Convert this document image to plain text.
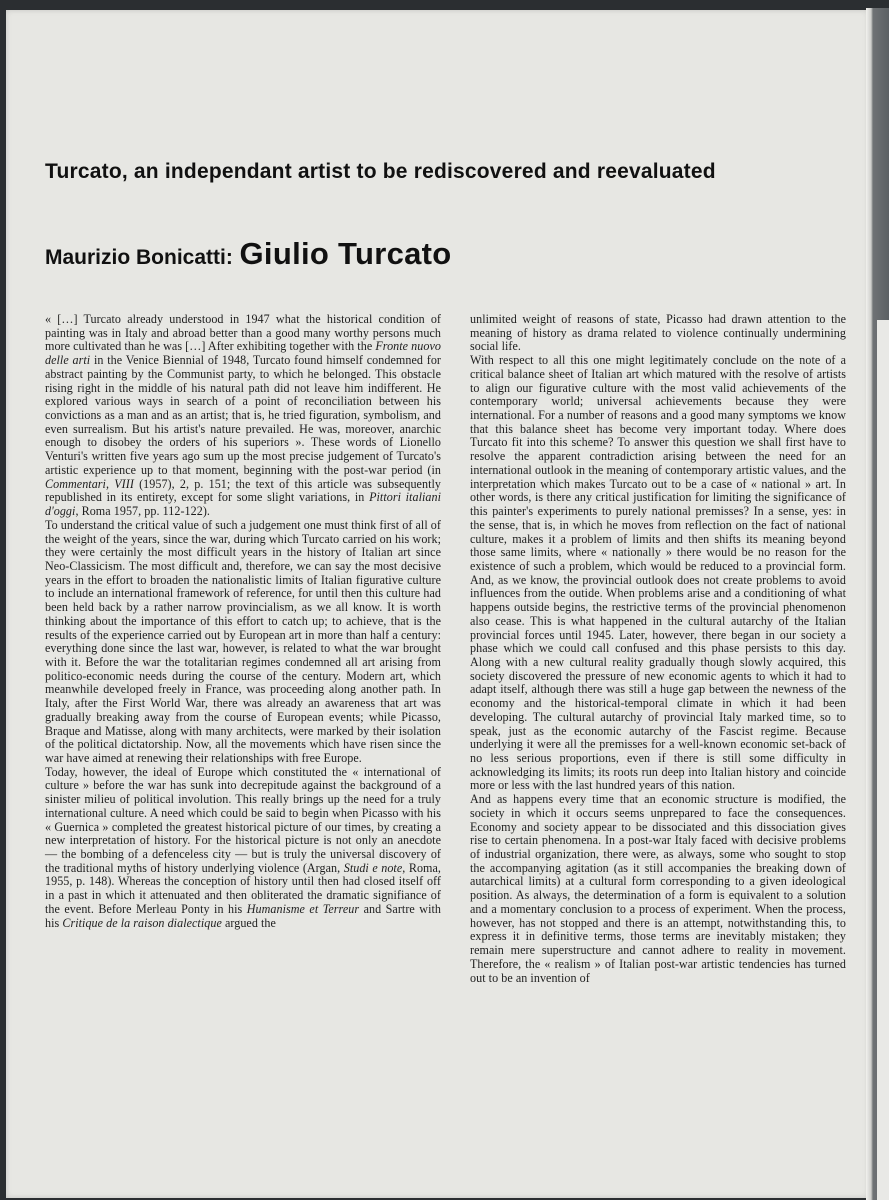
Turcato, an independant artist to be rediscovered and reevaluated
Maurizio Bonicatti: Giulio Turcato

« […] Turcato already understood in 1947 what the historical condition of painting was in Italy and abroad better than a good many worthy persons much more cultivated than he was […] After exhibiting together with the Fronte nuovo delle arti in the Venice Biennial of 1948, Turcato found himself condemned for abstract painting by the Communist party, to which he belonged. This obstacle rising right in the middle of his natural path did not leave him indifferent. He explored various ways in search of a point of reconciliation between his convictions as a man and as an artist; that is, he tried figuration, symbolism, and even surrealism. But his artist's nature prevailed. He was, moreover, anarchic enough to disobey the orders of his superiors ». These words of Lionello Venturi's written five years ago sum up the most precise judgement of Turcato's artistic experience up to that moment, beginning with the post-war period (in Commentari, VIII (1957), 2, p. 151; the text of this article was subsequently republished in its entirety, except for some slight variations, in Pittori italiani d'oggi, Roma 1957, pp. 112-122).

To understand the critical value of such a judgement one must think first of all of the weight of the years, since the war, during which Turcato carried on his work; they were certainly the most difficult years in the history of Italian art since Neo-Classicism. The most difficult and, therefore, we can say the most decisive years in the effort to broaden the nationalistic limits of Italian figurative culture to include an international framework of reference, for until then this culture had been held back by a rather narrow provincialism, as we all know. It is worth thinking about the importance of this effort to catch up; to achieve, that is the results of the experience carried out by European art in more than half a century: everything done since the last war, however, is related to what the war brought with it. Before the war the totalitarian regimes condemned all art arising from politico-economic needs during the course of the century. Modern art, which meanwhile developed freely in France, was proceeding along another path. In Italy, after the First World War, there was already an awareness that art was gradually breaking away from the course of European events; while Picasso, Braque and Matisse, along with many architects, were marked by their isolation of the political dictatorship. Now, all the movements which have risen since the war have aimed at renewing their relationships with free Europe.

Today, however, the ideal of Europe which constituted the « international of culture » before the war has sunk into decrepitude against the background of a sinister milieu of political involution. This really brings up the need for a truly international culture. A need which could be said to begin when Picasso with his « Guernica » completed the greatest historical picture of our times, by creating a new interpretation of history. For the historical picture is not only an anecdote — the bombing of a defenceless city — but is truly the universal discovery of the traditional myths of history underlying violence (Argan, Studi e note, Roma, 1955, p. 148). Whereas the conception of history until then had closed itself off in a past in which it attenuated and then obliterated the dramatic signifiance of the event. Before Merleau Ponty in his Humanisme et Terreur and Sartre with his Critique de la raison dialectique argued the

unlimited weight of reasons of state, Picasso had drawn attention to the meaning of history as drama related to violence continually undermining social life.

With respect to all this one might legitimately conclude on the note of a critical balance sheet of Italian art which matured with the resolve of artists to align our figurative culture with the most valid achievements of the contemporary world; universal achievements because they were international. For a number of reasons and a good many symptoms we know that this balance sheet has become very important today. Where does Turcato fit into this scheme? To answer this question we shall first have to resolve the apparent contradiction arising between the need for an international outlook in the meaning of contemporary artistic values, and the interpretation which makes Turcato out to be a case of « national » art. In other words, is there any critical justification for limiting the significance of this painter's experiments to purely national premisses? In a sense, yes: in the sense, that is, in which he moves from reflection on the fact of national culture, makes it a problem of limits and then shifts its meaning beyond those same limits, where « nationally » there would be no reason for the existence of such a problem, which would be reduced to a provincial form. And, as we know, the provincial outlook does not create problems to avoid influences from the outide. When problems arise and a conditioning of what happens outside begins, the restrictive terms of the provincial phenomenon also cease. This is what happened in the cultural autarchy of the Italian provincial forces until 1945. Later, however, there began in our society a phase which we could call confused and this phase persists to this day. Along with a new cultural reality gradually though slowly acquired, this society discovered the pressure of new economic agents to which it had to adapt itself, although there was still a huge gap between the newness of the economy and the historical-temporal climate in which it had been developing. The cultural autarchy of provincial Italy marked time, so to speak, just as the economic autarchy of the Fascist regime. Because underlying it were all the premisses for a well-known economic set-back of no less serious proportions, even if there is still some difficulty in acknowledging its limits; its roots run deep into Italian history and coincide more or less with the last hundred years of this nation.

And as happens every time that an economic structure is modified, the society in which it occurs seems unprepared to face the consequences. Economy and society appear to be dissociated and this dissociation gives rise to certain phenomena. In a post-war Italy faced with decisive problems of industrial organization, there were, as always, some who sought to stop the accompanying agitation (as it still accompanies the breaking down of autarchical limits) at a cultural form corresponding to a given ideological position. As always, the determination of a form is equivalent to a solution and a momentary conclusion to a process of experiment. When the process, however, has not stopped and there is an attempt, notwithstanding this, to express it in definitive terms, those terms are inevitably mistaken; they remain mere superstructure and cannot adhere to reality in movement. Therefore, the « realism » of Italian post-war artistic tendencies has turned out to be an invention of
